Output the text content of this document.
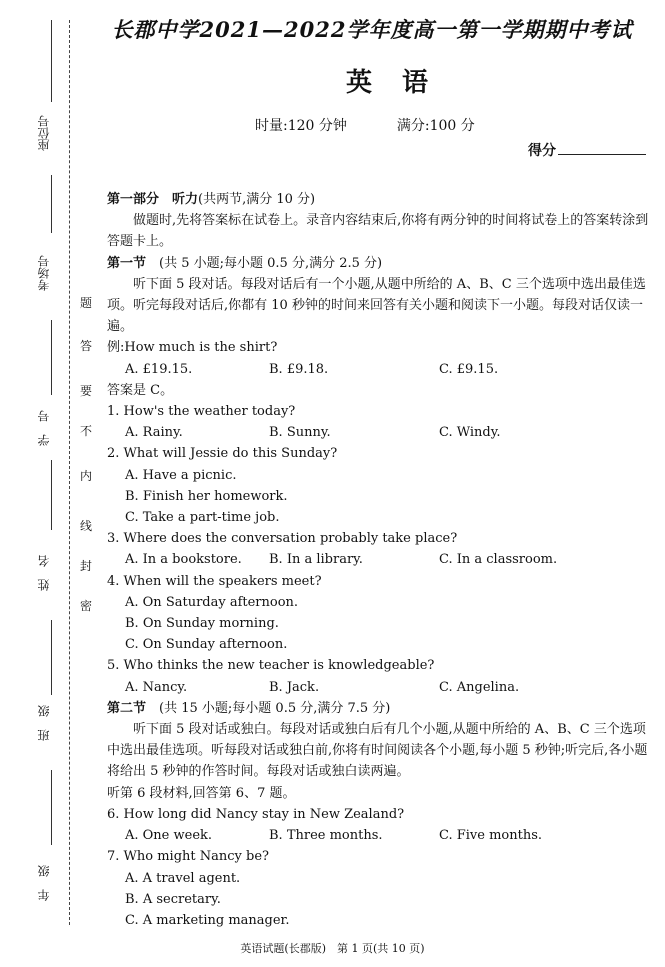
座位号
考场号
学　号
姓　名
班　级
年　级
密
封
线
内
不
要
答
题
长郡中学2021—2022学年度高一第一学期期中考试
英语
时量:120 分钟	满分:100 分
得分

第一部分　听力(共两节,满分 10 分)

做题时,先将答案标在试卷上。录音内容结束后,你将有两分钟的时间将试卷上的答案转涂到答题卡上。

第一节　 (共 5 小题;每小题 0.5 分,满分 2.5 分)

听下面 5 段对话。每段对话后有一个小题,从题中所给的 A、B、C 三个选项中选出最佳选项。听完每段对话后,你都有 10 秒钟的时间来回答有关小题和阅读下一小题。每段对话仅读一遍。

例:How much is the shirt?

A. £19.15.	B. £9.18.	C. £9.15.

答案是 C。

1. How's the weather today?

A. Rainy.	B. Sunny.	C. Windy.

2. What will Jessie do this Sunday?

A. Have a picnic.

B. Finish her homework.

C. Take a part-time job.

3. Where does the conversation probably take place?

A. In a bookstore.	B. In a library.	C. In a classroom.

4. When will the speakers meet?

A. On Saturday afternoon.

B. On Sunday morning.

C. On Sunday afternoon.

5. Who thinks the new teacher is knowledgeable?

A. Nancy.	B. Jack.	C. Angelina.

第二节　 (共 15 小题;每小题 0.5 分,满分 7.5 分)

听下面 5 段对话或独白。每段对话或独白后有几个小题,从题中所给的 A、B、C 三个选项中选出最佳选项。听每段对话或独白前,你将有时间阅读各个小题,每小题 5 秒钟;听完后,各小题将给出 5 秒钟的作答时间。每段对话或独白读两遍。

听第 6 段材料,回答第 6、7 题。

6. How long did Nancy stay in New Zealand?

A. One week.	B. Three months.	C. Five months.

7. Who might Nancy be?

A. A travel agent.

B. A secretary.

C. A marketing manager.

英语试题(长郡版)　第 1 页(共 10 页)
